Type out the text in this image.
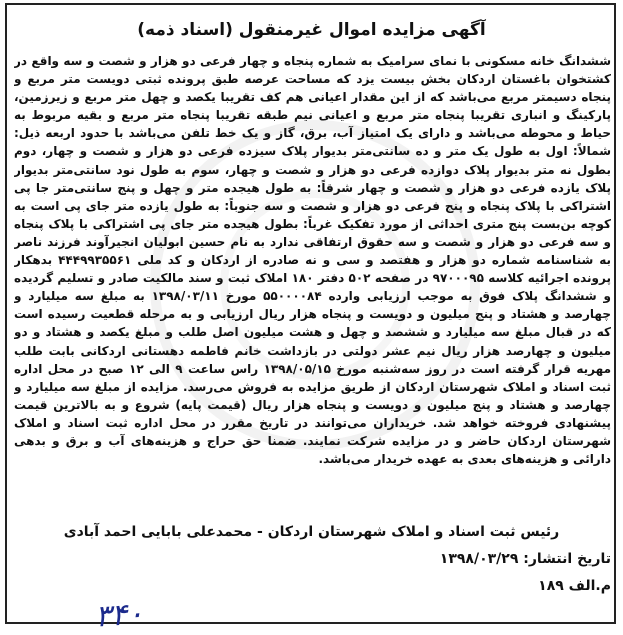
آگهی مزایده اموال غیرمنقول (اسناد ذمه)
ششدانگ خانه مسکونی با نمای سرامیک به شماره پنجاه و چهار فرعی دو هزار و شصت و سه واقع در کشتخوان باغستان اردکان بخش بیست یزد که مساحت عرصه طبق پرونده ثبتی دویست متر مربع و پنجاه دسیمتر مربع می‌باشد که از این مقدار اعیانی هم کف تقریبا یکصد و چهل متر مربع و زیرزمین، پارکینگ و انباری تقریبا پنجاه متر مربع و اعیانی نیم طبقه تقریبا پنجاه متر مربع و بقیه مربوط به حیاط و محوطه می‌باشد و دارای یک امتیاز آب، برق، گاز و یک خط تلفن می‌باشد با حدود اربعه ذیل: شمالاً: اول به طول یک متر و ده سانتی‌متر بدیوار پلاک سیزده فرعی دو هزار و شصت و چهار، دوم بطول نه متر بدیوار پلاک دوازده فرعی دو هزار و شصت و چهار، سوم به طول نود سانتی‌متر بدیوار پلاک یازده فرعی دو هزار و شصت و چهار شرقاً: به طول هیجده متر و چهل و پنج سانتی‌متر جا پی اشتراکی با پلاک پنجاه و پنج فرعی دو هزار و شصت و سه جنوباً: به طول یازده متر جای پی است به کوچه بن‌بست پنج متری احداثی از مورد تفکیک غرباً: بطول هیجده متر جای پی اشتراکی با پلاک پنجاه و سه فرعی دو هزار و شصت و سه حقوق ارتفاقی ندارد به نام حسین ابولیان انجیرآوند فرزند ناصر به شناسنامه شماره دو هزار و هفتصد و سی و نه صادره از اردکان و کد ملی ۴۴۴۹۹۳۵۵۶۱ بدهکار پرونده اجرائیه کلاسه ۹۷۰۰۰۹۵ در صفحه ۵۰۲ دفتر ۱۸۰ املاک ثبت و سند مالکیت صادر و تسلیم گردیده و ششدانگ پلاک فوق به موجب ارزیابی وارده ۵۵۰۰۰۰۸۴ مورخ ۱۳۹۸/۰۳/۱۱ به مبلغ سه میلیارد و چهارصد و هشتاد و پنج میلیون و دویست و پنجاه هزار ریال ارزیابی و به مرحله قطعیت رسیده است که در قبال مبلغ سه میلیارد و ششصد و چهل و هشت میلیون اصل طلب و مبلغ یکصد و هشتاد و دو میلیون و چهارصد هزار ریال نیم عشر دولتی در بازداشت خانم فاطمه دهستانی اردکانی بابت طلب مهریه قرار گرفته است در روز سه‌شنبه مورخ ۱۳۹۸/۰۵/۱۵ راس ساعت ۹ الی ۱۲ صبح در محل اداره ثبت اسناد و املاک شهرستان اردکان از طریق مزایده به فروش می‌رسد. مزایده از مبلغ سه میلیارد و چهارصد و هشتاد و پنج میلیون و دویست و پنجاه هزار ریال (قیمت پایه) شروع و به بالاترین قیمت پیشنهادی فروخته خواهد شد. خریداران می‌توانند در تاریخ مقرر در محل اداره ثبت اسناد و املاک شهرستان اردکان حاضر و در مزایده شرکت نمایند. ضمنا حق حراج و هزینه‌های آب و برق و بدهی دارائی و هزینه‌های بعدی به عهده خریدار می‌باشد.
رئیس ثبت اسناد و املاک شهرستان اردکان - محمدعلی بابایی احمد آبادی
تاریخ انتشار: ۱۳۹۸/۰۳/۲۹
م.الف ۱۸۹
۳۴۰
